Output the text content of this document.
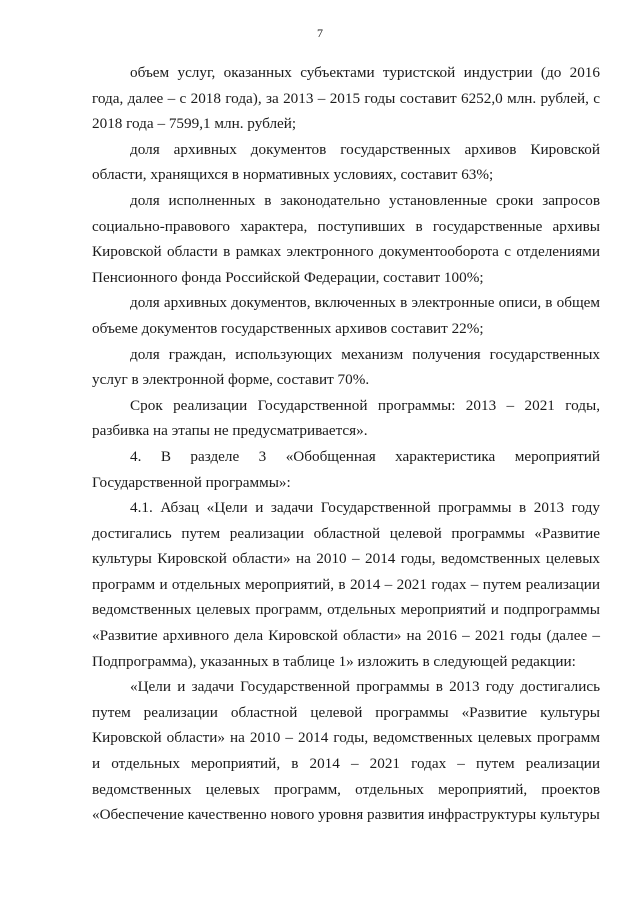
7

объем услуг, оказанных субъектами туристской индустрии (до 2016 года, далее – с 2018 года), за 2013 – 2015 годы составит 6252,0 млн. рублей, с 2018 года – 7599,1 млн. рублей;

доля архивных документов государственных архивов Кировской области, хранящихся в нормативных условиях, составит 63%;

доля исполненных в законодательно установленные сроки запросов социально-правового характера, поступивших в государственные архивы Кировской области в рамках электронного документооборота с отделениями Пенсионного фонда Российской Федерации, составит 100%;

доля архивных документов, включенных в электронные описи, в общем объеме документов государственных архивов составит 22%;

доля граждан, использующих механизм получения государственных услуг в электронной форме, составит 70%.

Срок реализации Государственной программы: 2013 – 2021 годы, разбивка на этапы не предусматривается».

4. В разделе 3 «Обобщенная характеристика мероприятий Государственной программы»:

4.1. Абзац «Цели и задачи Государственной программы в 2013 году достигались путем реализации областной целевой программы «Развитие культуры Кировской области» на 2010 – 2014 годы, ведомственных целевых программ и отдельных мероприятий, в 2014 – 2021 годах – путем реализации ведомственных целевых программ, отдельных мероприятий и подпрограммы «Развитие архивного дела Кировской области» на 2016 – 2021 годы (далее – Подпрограмма), указанных в таблице 1» изложить в следующей редакции:

«Цели и задачи Государственной программы в 2013 году достигались путем реализации областной целевой программы «Развитие культуры Кировской области» на 2010 – 2014 годы, ведомственных целевых программ и отдельных мероприятий, в 2014 – 2021 годах – путем реализации ведомственных целевых программ, отдельных мероприятий, проектов «Обеспечение качественно нового уровня развития инфраструктуры культуры
